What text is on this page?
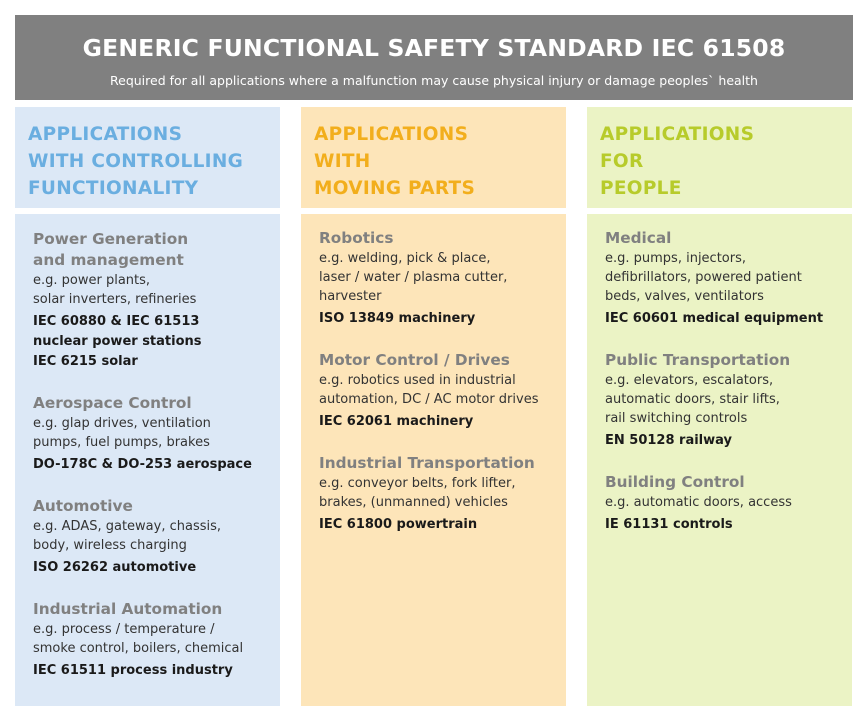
GENERIC FUNCTIONAL SAFETY STANDARD IEC 61508
Required for all applications where a malfunction may cause physical injury or damage peoples` health
APPLICATIONS
WITH CONTROLLING
FUNCTIONALITY
Power Generation
and management
e.g. power plants,
solar inverters, refineries
IEC 60880 & IEC 61513
nuclear power stations
IEC 6215 solar
Aerospace Control
e.g. glap drives, ventilation
pumps, fuel pumps, brakes
DO-178C & DO-253 aerospace
Automotive
e.g. ADAS, gateway, chassis,
body, wireless charging
ISO 26262 automotive
Industrial Automation
e.g. process / temperature /
smoke control, boilers, chemical
IEC 61511 process industry
APPLICATIONS
WITH
MOVING PARTS
Robotics
e.g. welding, pick & place,
laser / water / plasma cutter,
harvester
ISO 13849 machinery
Motor Control / Drives
e.g. robotics used in industrial
automation, DC / AC motor drives
IEC 62061 machinery
Industrial Transportation
e.g. conveyor belts, fork lifter,
brakes, (unmanned) vehicles
IEC 61800 powertrain
APPLICATIONS
FOR
PEOPLE
Medical
e.g. pumps, injectors,
defibrillators, powered patient
beds, valves, ventilators
IEC 60601 medical equipment
Public Transportation
e.g. elevators, escalators,
automatic doors, stair lifts,
rail switching controls
EN 50128 railway
Building Control
e.g. automatic doors, access
IE 61131 controls
